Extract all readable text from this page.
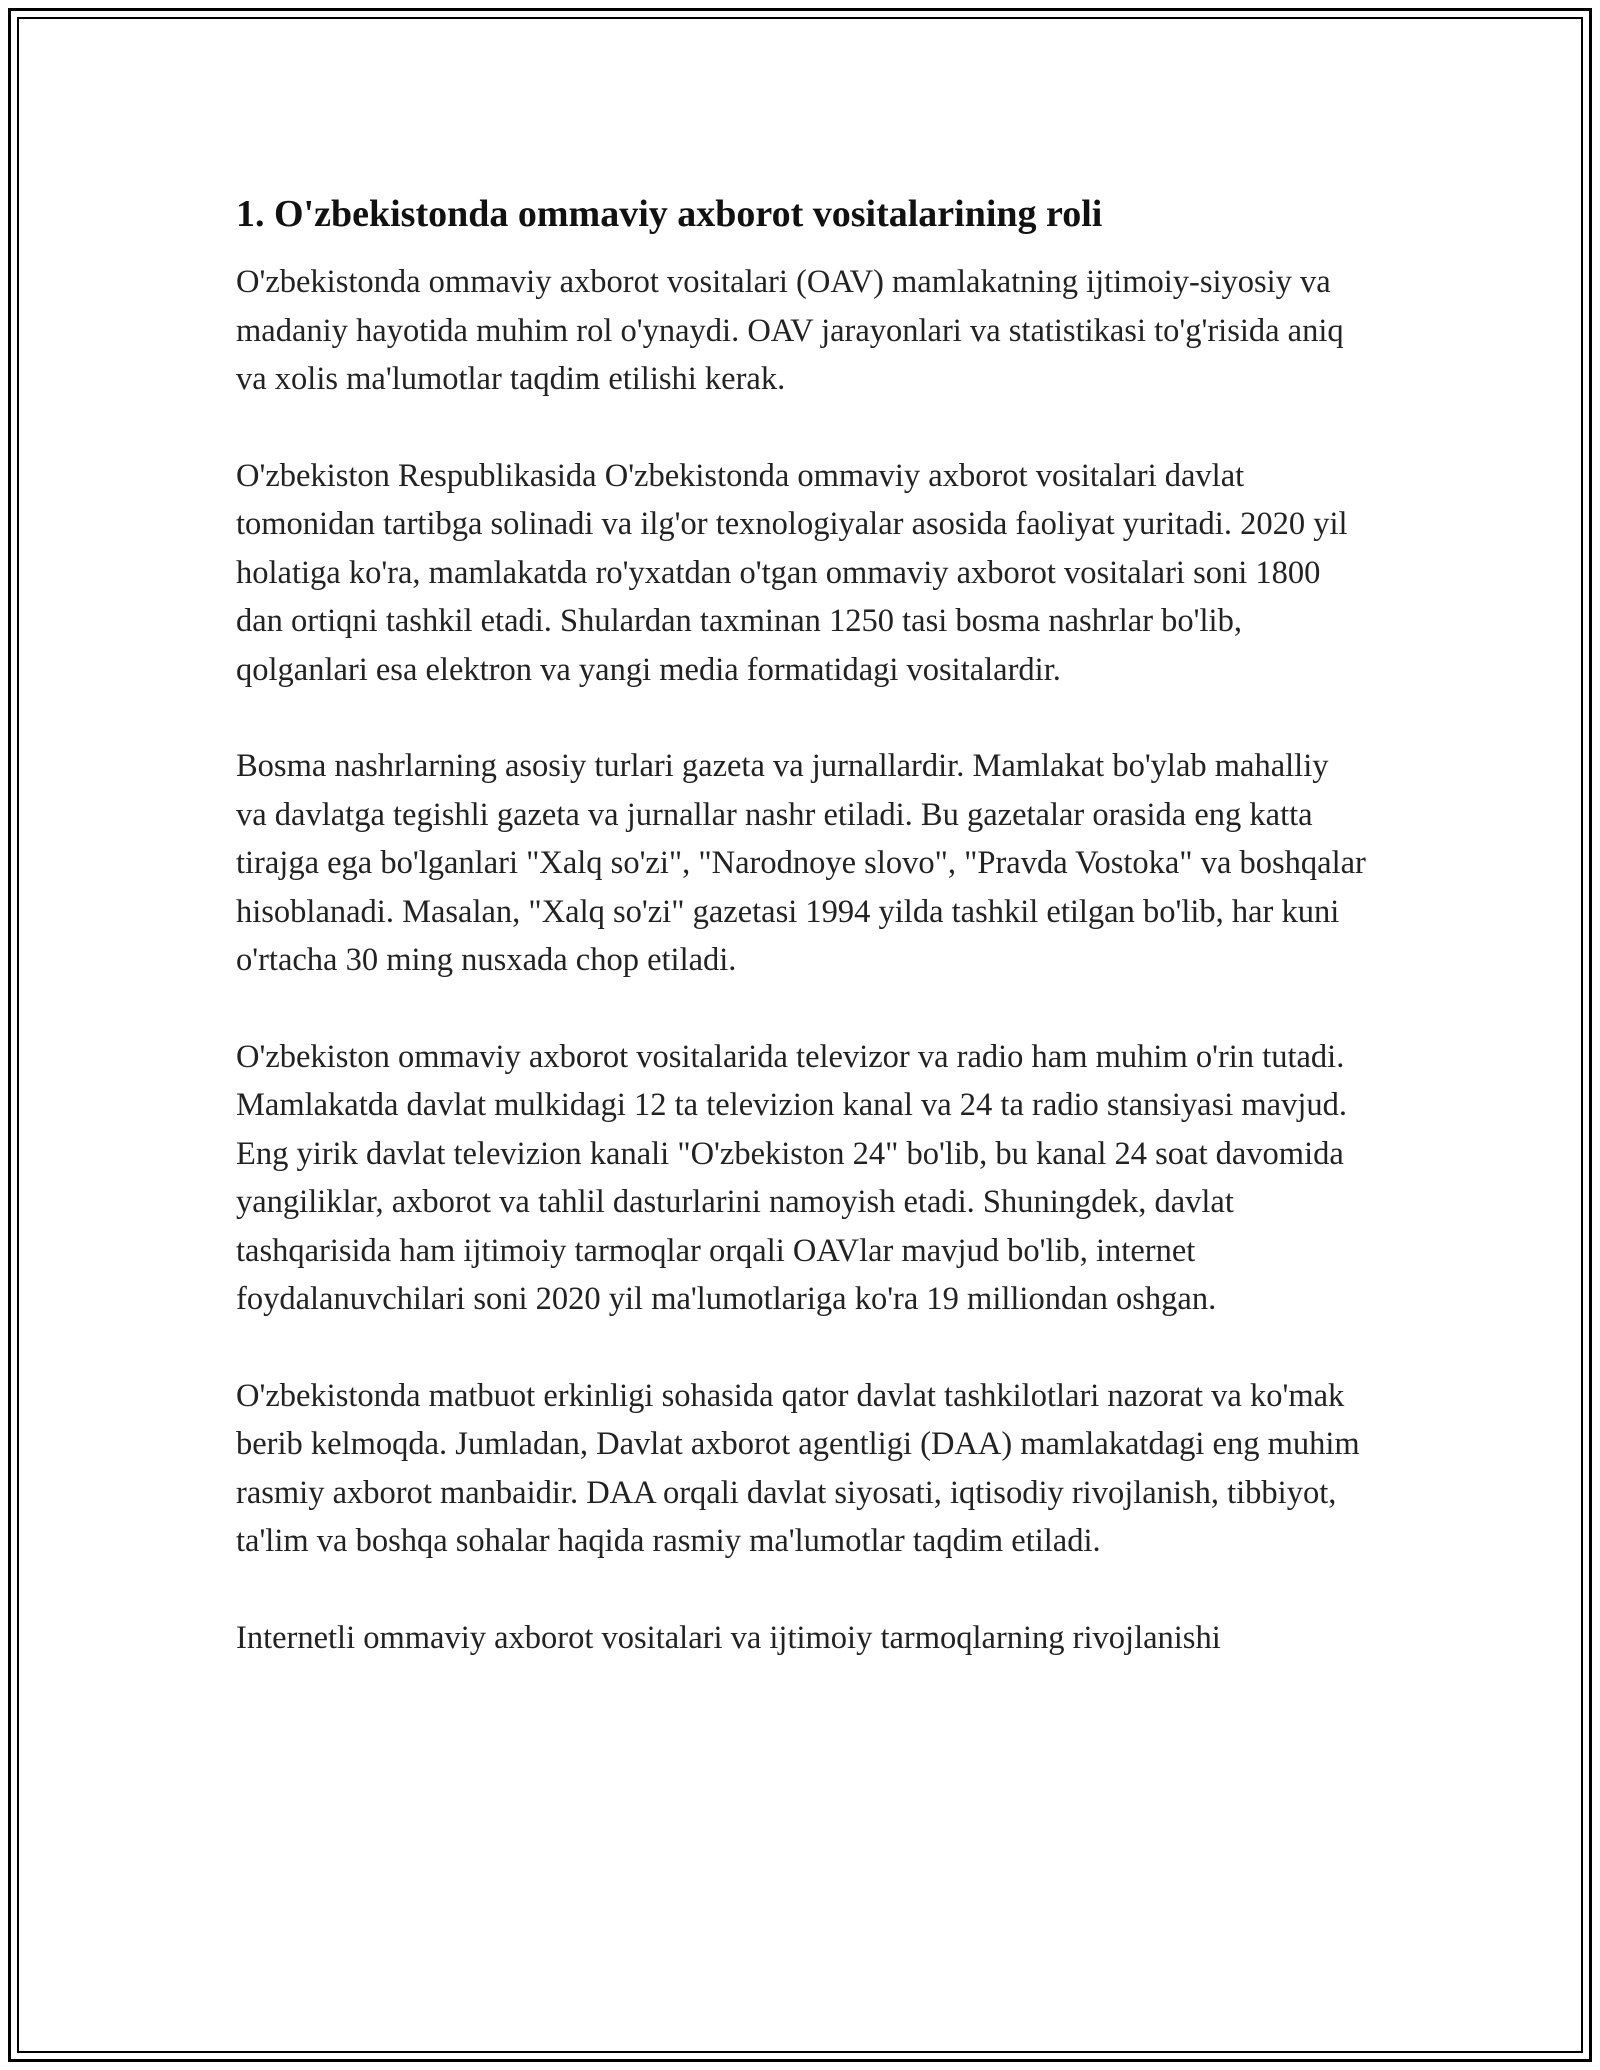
1. O'zbekistonda ommaviy axborot vositalarining roli

O'zbekistonda ommaviy axborot vositalari (OAV) mamlakatning ijtimoiy-siyosiy va madaniy hayotida muhim rol o'ynaydi. OAV jarayonlari va statistikasi to'g'risida aniq va xolis ma'lumotlar taqdim etilishi kerak.

O'zbekiston Respublikasida O'zbekistonda ommaviy axborot vositalari davlat tomonidan tartibga solinadi va ilg'or texnologiyalar asosida faoliyat yuritadi. 2020 yil holatiga ko'ra, mamlakatda ro'yxatdan o'tgan ommaviy axborot vositalari soni 1800 dan ortiqni tashkil etadi. Shulardan taxminan 1250 tasi bosma nashrlar bo'lib, qolganlari esa elektron va yangi media formatidagi vositalardir.

Bosma nashrlarning asosiy turlari gazeta va jurnallardir. Mamlakat bo'ylab mahalliy va davlatga tegishli gazeta va jurnallar nashr etiladi. Bu gazetalar orasida eng katta tirajga ega bo'lganlari "Xalq so'zi", "Narodnoye slovo", "Pravda Vostoka" va boshqalar hisoblanadi. Masalan, "Xalq so'zi" gazetasi 1994 yilda tashkil etilgan bo'lib, har kuni o'rtacha 30 ming nusxada chop etiladi.

O'zbekiston ommaviy axborot vositalarida televizor va radio ham muhim o'rin tutadi. Mamlakatda davlat mulkidagi 12 ta televizion kanal va 24 ta radio stansiyasi mavjud. Eng yirik davlat televizion kanali "O'zbekiston 24" bo'lib, bu kanal 24 soat davomida yangiliklar, axborot va tahlil dasturlarini namoyish etadi. Shuningdek, davlat tashqarisida ham ijtimoiy tarmoqlar orqali OAVlar mavjud bo'lib, internet foydalanuvchilari soni 2020 yil ma'lumotlariga ko'ra 19 milliondan oshgan.

O'zbekistonda matbuot erkinligi sohasida qator davlat tashkilotlari nazorat va ko'mak berib kelmoqda. Jumladan, Davlat axborot agentligi (DAA) mamlakatdagi eng muhim rasmiy axborot manbaidir. DAA orqali davlat siyosati, iqtisodiy rivojlanish, tibbiyot, ta'lim va boshqa sohalar haqida rasmiy ma'lumotlar taqdim etiladi.

Internetli ommaviy axborot vositalari va ijtimoiy tarmoqlarning rivojlanishi
